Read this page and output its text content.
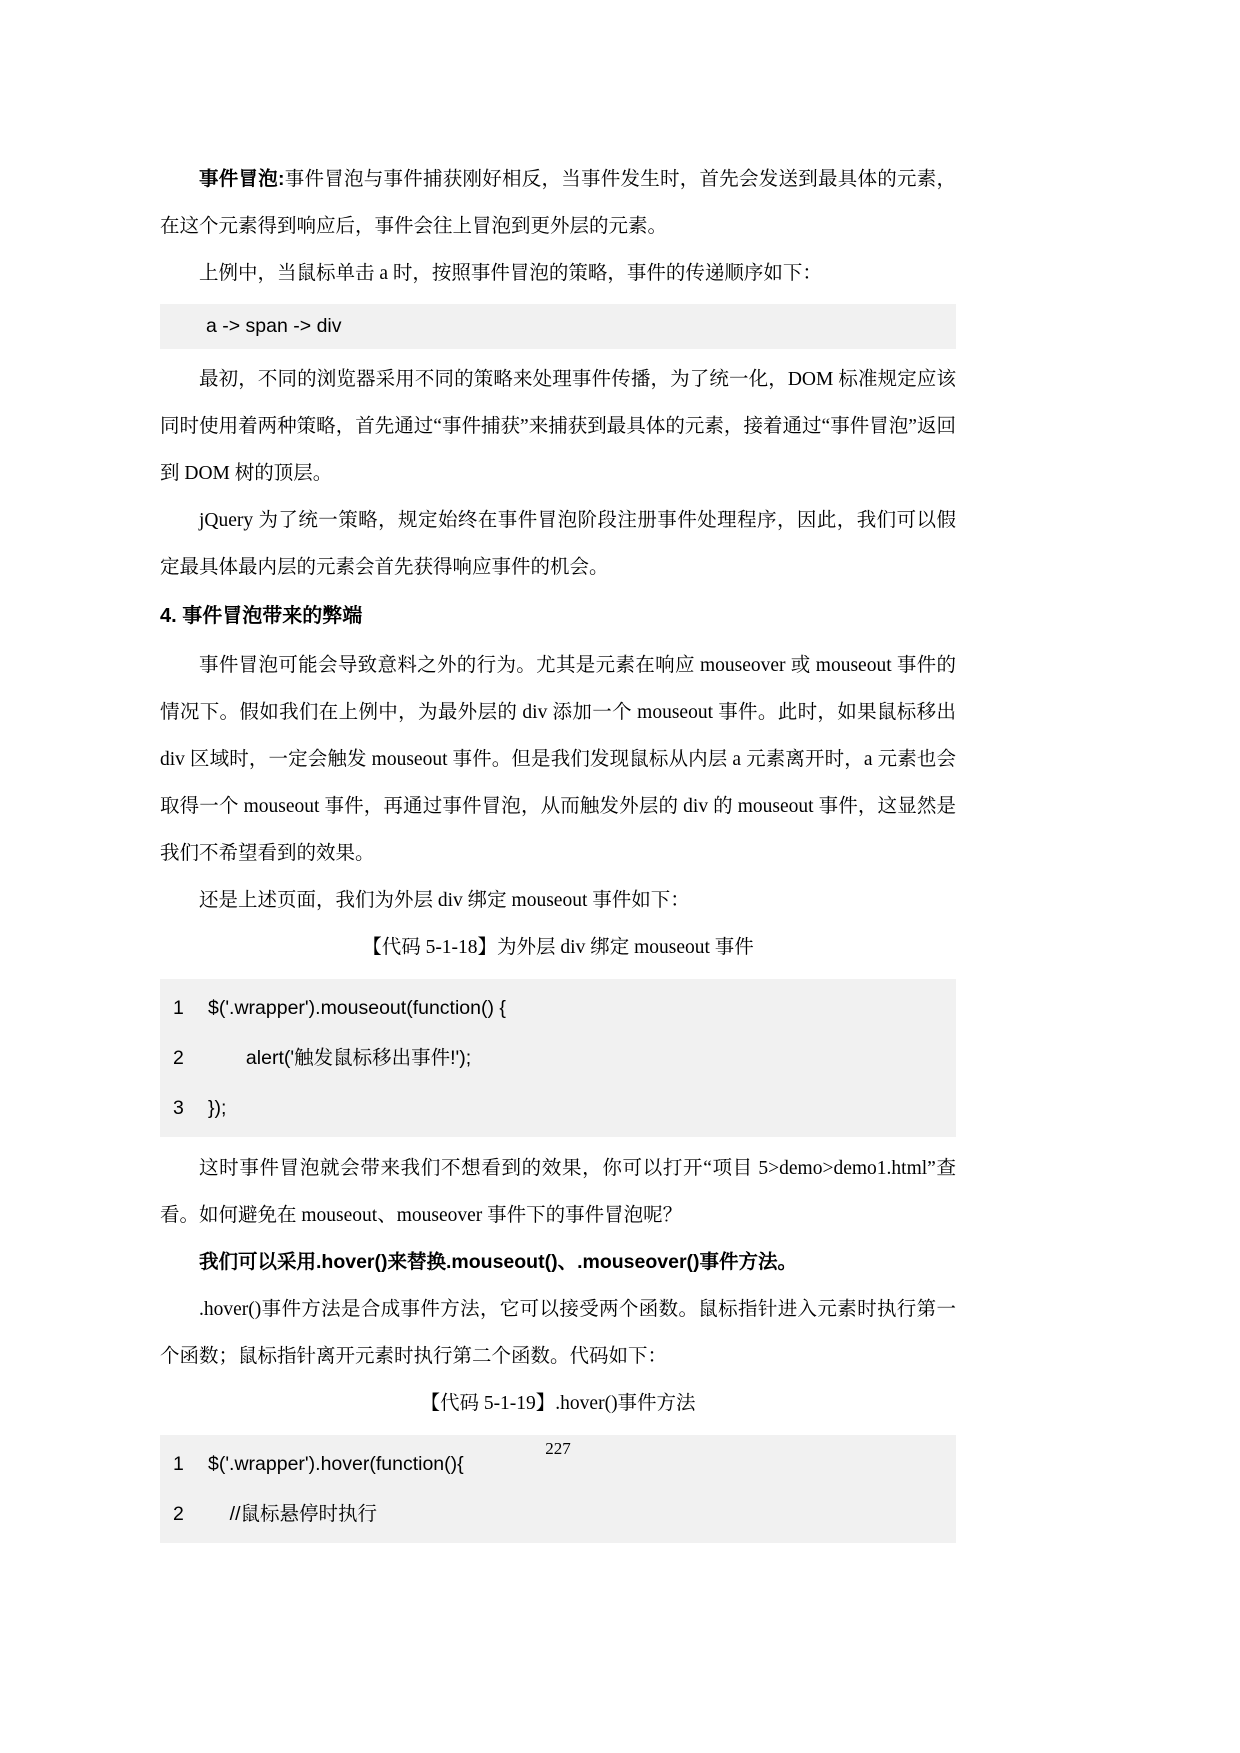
事件冒泡:事件冒泡与事件捕获刚好相反，当事件发生时，首先会发送到最具体的元素，在这个元素得到响应后，事件会往上冒泡到更外层的元素。

上例中，当鼠标单击 a 时，按照事件冒泡的策略，事件的传递顺序如下：

a -> span -> div

最初，不同的浏览器采用不同的策略来处理事件传播，为了统一化，DOM 标准规定应该同时使用着两种策略，首先通过“事件捕获”来捕获到最具体的元素，接着通过“事件冒泡”返回到 DOM 树的顶层。

jQuery 为了统一策略，规定始终在事件冒泡阶段注册事件处理程序，因此，我们可以假定最具体最内层的元素会首先获得响应事件的机会。

4. 事件冒泡带来的弊端

事件冒泡可能会导致意料之外的行为。尤其是元素在响应 mouseover 或 mouseout 事件的情况下。假如我们在上例中，为最外层的 div 添加一个 mouseout 事件。此时，如果鼠标移出 div 区域时，一定会触发 mouseout 事件。但是我们发现鼠标从内层 a 元素离开时，a 元素也会取得一个 mouseout 事件，再通过事件冒泡，从而触发外层的 div 的 mouseout 事件，这显然是我们不希望看到的效果。

还是上述页面，我们为外层 div 绑定 mouseout 事件如下：

【代码 5-1-18】为外层 div 绑定 mouseout 事件

1	$('.wrapper').mouseout(function() {
2	alert('触发鼠标移出事件!');
3	});

这时事件冒泡就会带来我们不想看到的效果，你可以打开“项目 5>demo>demo1.html”查看。如何避免在 mouseout、mouseover 事件下的事件冒泡呢？

我们可以采用.hover()来替换.mouseout()、.mouseover()事件方法。

.hover()事件方法是合成事件方法，它可以接受两个函数。鼠标指针进入元素时执行第一个函数；鼠标指针离开元素时执行第二个函数。代码如下：

【代码 5-1-19】.hover()事件方法

1	$('.wrapper').hover(function(){
2	//鼠标悬停时执行
227
